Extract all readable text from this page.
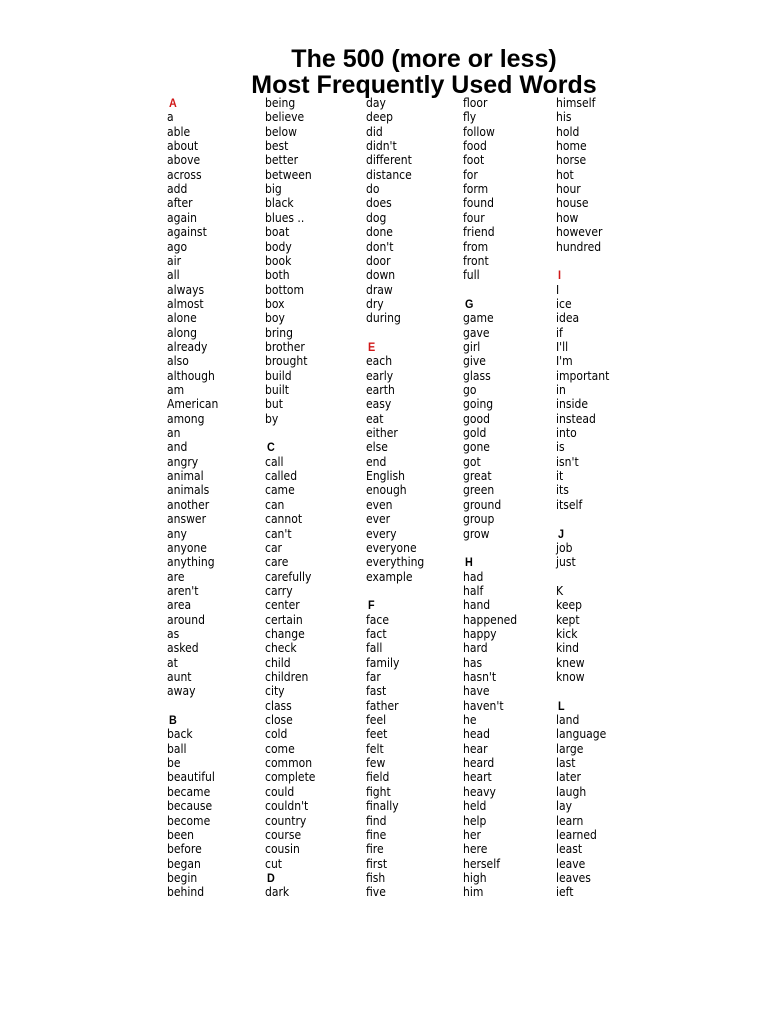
The 500 (more or less)
Most Frequently Used Words
A
a
able
about
above
across
add
after
again
against
ago
air
all
always
almost
alone
along
already
also
although
am
American
among
an
and
angry
animal
animals
another
answer
any
anyone
anything
are
aren't
area
around
as
asked
at
aunt
away
B
back
ball
be
beautiful
became
because
become
been
before
began
begin
behind
being
believe
below
best
better
between
big
black
blues ..
boat
body
book
both
bottom
box
boy
bring
brother
brought
build
built
but
by
C
call
called
came
can
cannot
can't
car
care
carefully
carry
center
certain
change
check
child
children
city
class
close
cold
come
common
complete
could
couldn't
country
course
cousin
cut
D
dark
day
deep
did
didn't
different
distance
do
does
dog
done
don't
door
down
draw
dry
during
E
each
early
earth
easy
eat
either
else
end
English
enough
even
ever
every
everyone
everything
example
F
face
fact
fall
family
far
fast
father
feel
feet
felt
few
field
fight
finally
find
fine
fire
first
fish
five
floor
fly
follow
food
foot
for
form
found
four
friend
from
front
full
G
game
gave
girl
give
glass
go
going
good
gold
gone
got
great
green
ground
group
grow
H
had
half
hand
happened
happy
hard
has
hasn't
have
haven't
he
head
hear
heard
heart
heavy
held
help
her
here
herself
high
him
himself
his
hold
home
horse
hot
hour
house
how
however
hundred
I
I
ice
idea
if
I'll
I'm
important
in
inside
instead
into
is
isn't
it
its
itself
J
job
just
K
keep
kept
kick
kind
knew
know
L
land
language
large
last
later
laugh
lay
learn
learned
least
leave
leaves
ieft
